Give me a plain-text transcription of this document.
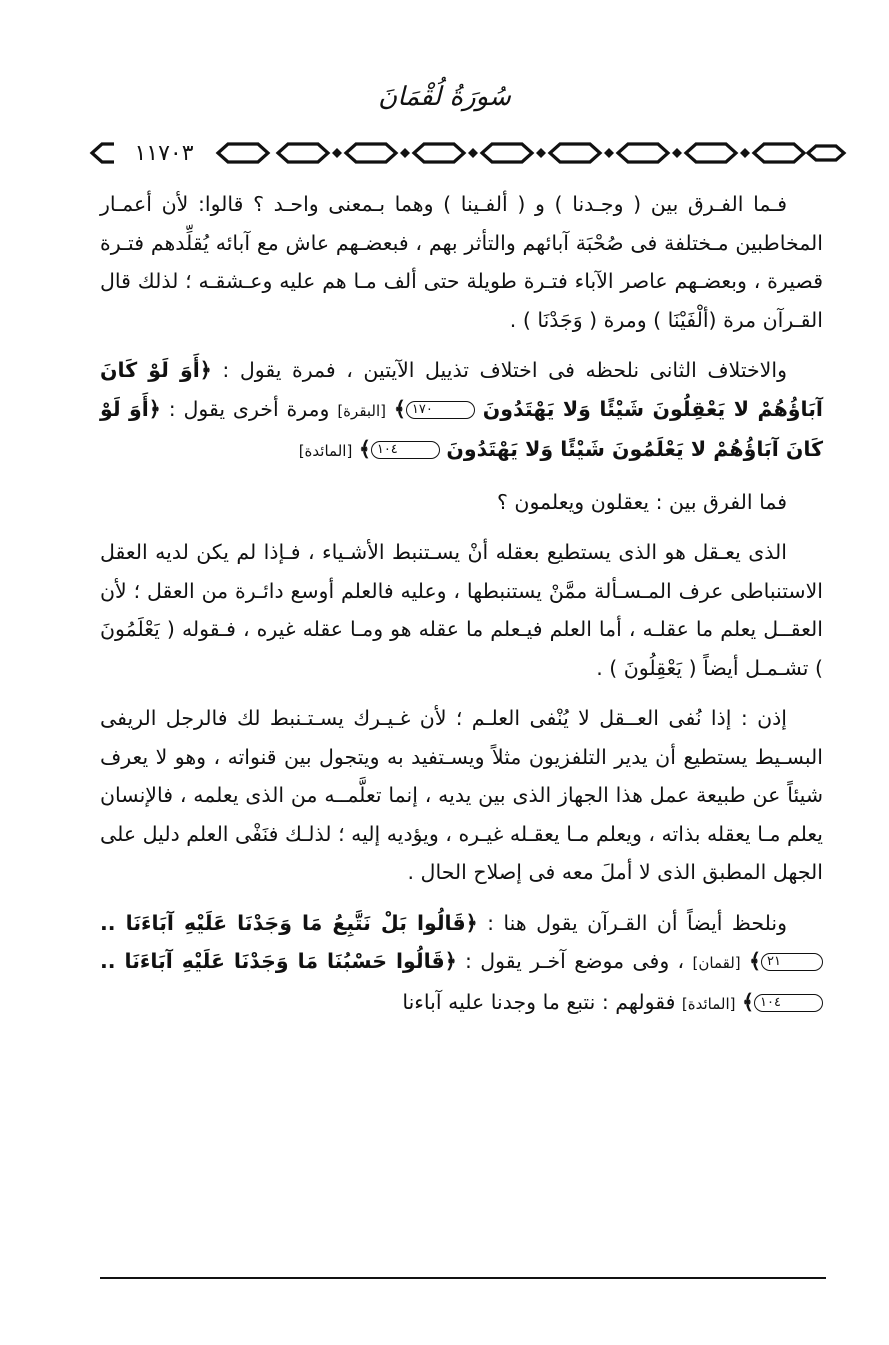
سُورَةُ لُقْمَانَ
١١٧٠٣

فـما الفـرق بين ( وجـدنا ) و ( ألفـينا ) وهما بـمعنى واحـد ؟ قالوا: لأن أعمـار المخاطبين مـختلفة فى صُحْبَة آبائهم والتأثر بهم ، فبعضـهم عاش مع آبائه يُقلِّدهم فتـرة قصيرة ، وبعضـهم عاصر الآباء فتـرة طويلة حتى ألف مـا هم عليه وعـشقـه ؛ لذلك قال القـرآن مرة (ألْفَيْنَا ) ومرة ( وَجَدْنَا ) .

والاختلاف الثانى نلحظه فى اختلاف تذييل الآيتين ، فمرة يقول : ﴿أَوَ لَوْ كَانَ آبَاؤُهُمْ لا يَعْقِلُونَ شَيْئًا وَلا يَهْتَدُونَ ١٧٠﴾ [البقرة] ومرة أخرى يقول : ﴿أَوَ لَوْ كَانَ آبَاؤُهُمْ لا يَعْلَمُونَ شَيْئًا وَلا يَهْتَدُونَ ١٠٤﴾ [المائدة]

فما الفرق بين : يعقلون ويعلمون ؟

الذى يعـقل هو الذى يستطيع بعقله أنْ يسـتنبط الأشـياء ، فـإذا لم يكن لديه العقل الاستنباطى عرف المـسـألة ممَّنْ يستنبطها ، وعليه فالعلم أوسع دائـرة من العقل ؛ لأن العقــل يعلم ما عقلـه ، أما العلم فيـعلم ما عقله هو ومـا عقله غيره ، فـقوله ( يَعْلَمُونَ ) تشـمـل أيضاً ( يَعْقِلُونَ ) .

إذن : إذا نُفى العــقل لا يُنْفى العلـم ؛ لأن غـيـرك يسـتـنبط لك فالرجل الريفى البسـيط يستطيع أن يدير التلفزيون مثلاً ويسـتفيد به ويتجول بين قنواته ، وهو لا يعرف شيئاً عن طبيعة عمل هذا الجهاز الذى بين يديه ، إنما تعلَّمــه من الذى يعلمه ، فالإنسان يعلم مـا يعقله بذاته ، ويعلم مـا يعقـله غيـره ، ويؤديه إليه ؛ لذلـك فنَفْى العلم دليل على الجهل المطبق الذى لا أملَ معه فى إصلاح الحال .

ونلحظ أيضاً أن القـرآن يقول هنا : ﴿قَالُوا بَلْ نَتَّبِعُ مَا وَجَدْنَا عَلَيْهِ آبَاءَنَا .. ٢١﴾ [لقمان] ، وفى موضع آخـر يقول : ﴿قَالُوا حَسْبُنَا مَا وَجَدْنَا عَلَيْهِ آبَاءَنَا .. ١٠٤﴾ [المائدة] فقولهم : نتبع ما وجدنا عليه آباءنا
